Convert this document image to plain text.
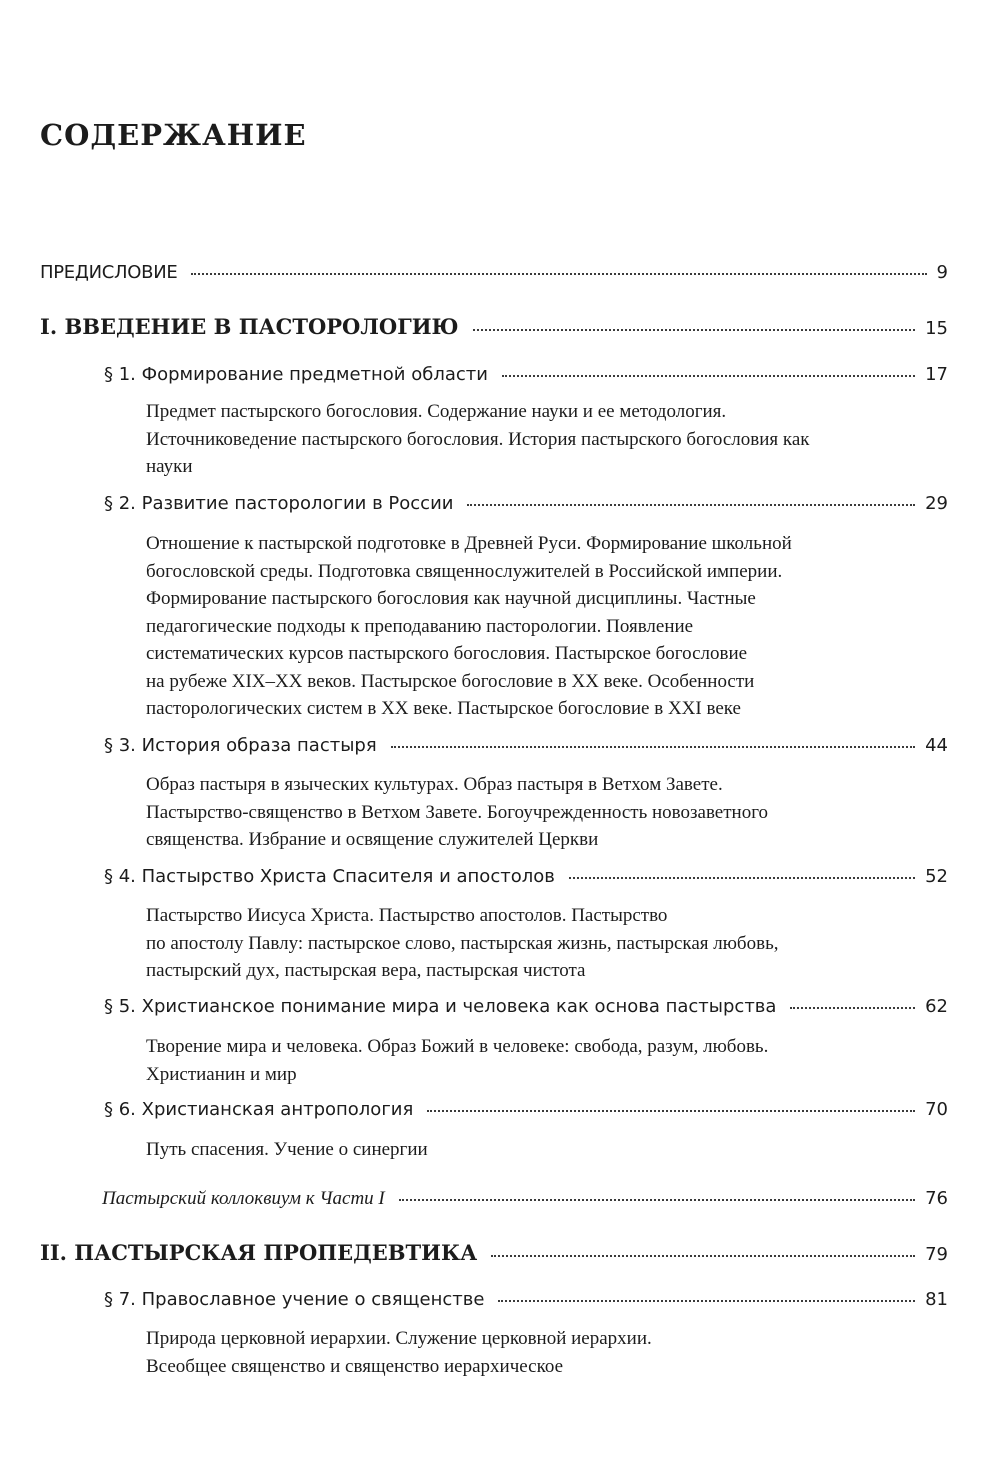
СОДЕРЖАНИЕ
ПРЕДИСЛОВИЕ	9
I. ВВЕДЕНИЕ В ПАСТОРОЛОГИЮ	15
§ 1. Формирование предметной области	17
Предмет пастырского богословия. Содержание науки и ее методология.
Источниковедение пастырского богословия. История пастырского богословия как
науки
§ 2. Развитие пасторологии в России	29
Отношение к пастырской подготовке в Древней Руси. Формирование школьной
богословской среды. Подготовка священнослужителей в Российской империи.
Формирование пастырского богословия как научной дисциплины. Частные
педагогические подходы к преподаванию пасторологии. Появление
систематических курсов пастырского богословия. Пастырское богословие
на рубеже XIX–XX веков. Пастырское богословие в XX веке. Особенности
пасторологических систем в XX веке. Пастырское богословие в XXI веке
§ 3. История образа пастыря	44
Образ пастыря в языческих культурах. Образ пастыря в Ветхом Завете.
Пастырство-священство в Ветхом Завете. Богоучрежденность новозаветного
священства. Избрание и освящение служителей Церкви
§ 4. Пастырство Христа Спасителя и апостолов	52
Пастырство Иисуса Христа. Пастырство апостолов. Пастырство
по апостолу Павлу: пастырское слово, пастырская жизнь, пастырская любовь,
пастырский дух, пастырская вера, пастырская чистота
§ 5. Христианское понимание мира и человека как основа пастырства	62
Творение мира и человека. Образ Божий в человеке: свобода, разум, любовь.
Христианин и мир
§ 6. Христианская антропология	70
Путь спасения. Учение о синергии
Пастырский коллоквиум к Части I	76
II. ПАСТЫРСКАЯ ПРОПЕДЕВТИКА	79
§ 7. Православное учение о священстве	81
Природа церковной иерархии. Служение церковной иерархии.
Всеобщее священство и священство иерархическое
